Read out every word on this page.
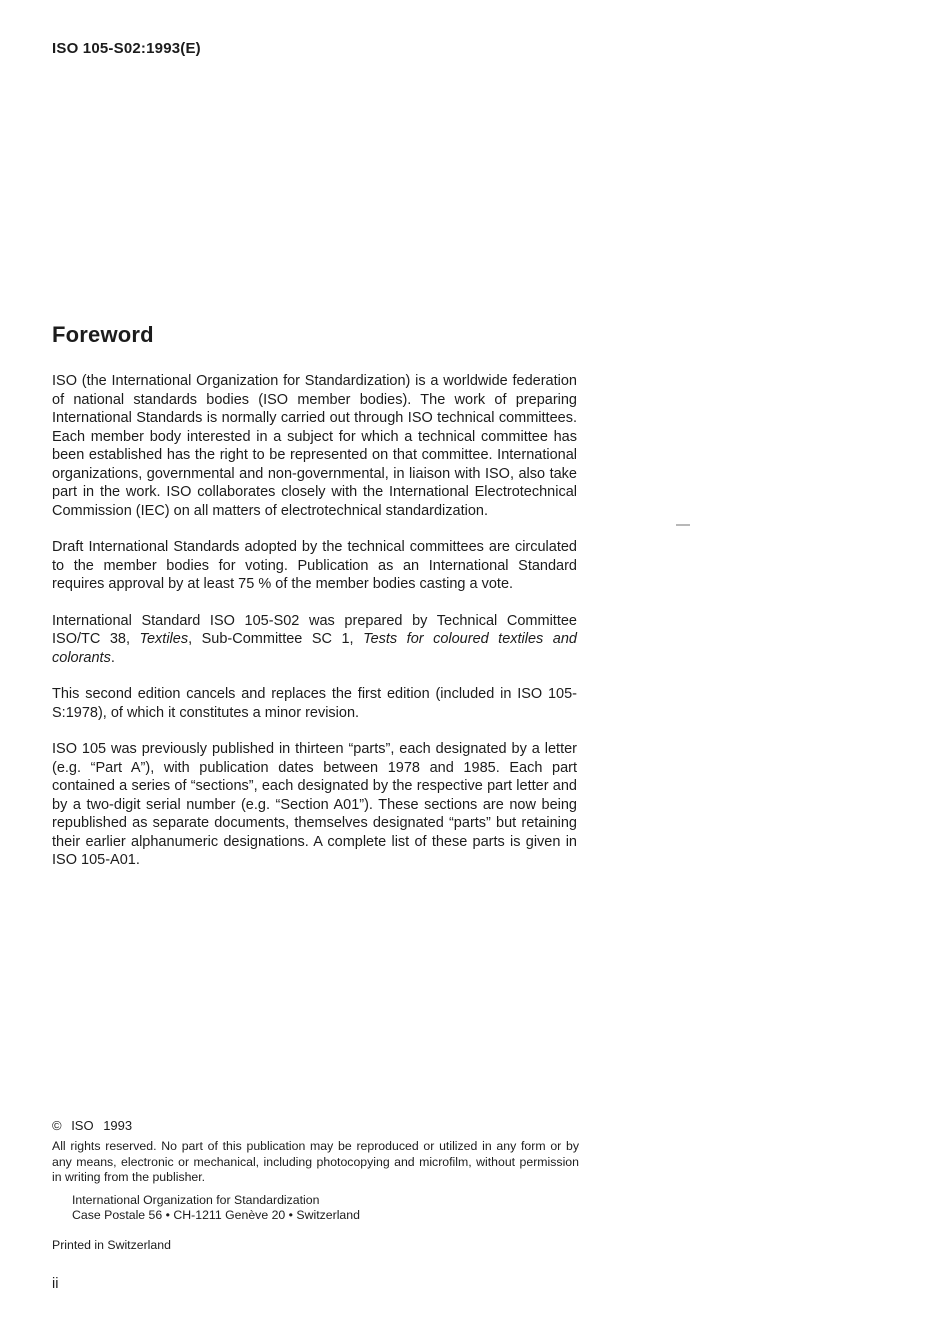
ISO 105-S02:1993(E)
Foreword

ISO (the International Organization for Standardization) is a worldwide federation of national standards bodies (ISO member bodies). The work of preparing International Standards is normally carried out through ISO technical committees. Each member body interested in a subject for which a technical committee has been established has the right to be represented on that committee. International organizations, governmental and non-governmental, in liaison with ISO, also take part in the work. ISO collaborates closely with the International Electrotechnical Commission (IEC) on all matters of electrotechnical standardization.

Draft International Standards adopted by the technical committees are circulated to the member bodies for voting. Publication as an International Standard requires approval by at least 75 % of the member bodies casting a vote.

International Standard ISO 105-S02 was prepared by Technical Committee ISO/TC 38, Textiles, Sub-Committee SC 1, Tests for coloured textiles and colorants.

This second edition cancels and replaces the first edition (included in ISO 105-S:1978), of which it constitutes a minor revision.

ISO 105 was previously published in thirteen “parts”, each designated by a letter (e.g. “Part A”), with publication dates between 1978 and 1985. Each part contained a series of “sections”, each designated by the respective part letter and by a two-digit serial number (e.g. “Section A01”). These sections are now being republished as separate documents, themselves designated “parts” but retaining their earlier alphanumeric designations. A complete list of these parts is given in ISO 105-A01.

© ISO 1993

All rights reserved. No part of this publication may be reproduced or utilized in any form or by any means, electronic or mechanical, including photocopying and microfilm, without permission in writing from the publisher.

International Organization for Standardization
Case Postale 56 • CH-1211 Genève 20 • Switzerland
Printed in Switzerland
ii
